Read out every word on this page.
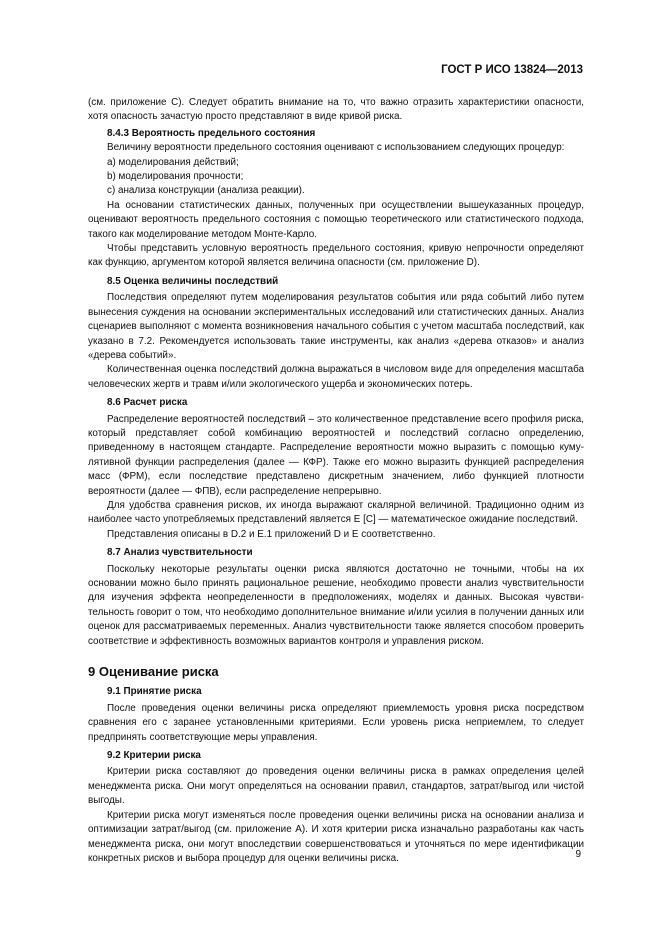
ГОСТ Р ИСО 13824—2013

(см. приложение С). Следует обратить внимание на то, что важно отразить характеристики опасности, хотя опасность зачастую просто представляют в виде кривой риска.

8.4.3 Вероятность предельного состояния

Величину вероятности предельного состояния оценивают с использованием следующих процедур:

a) моделирования действий;

b) моделирования прочности;

c) анализа конструкции (анализа реакции).

На основании статистических данных, полученных при осуществлении вышеуказанных процедур, оценивают вероятность предельного состояния с помощью теоретического или статистического подхода, такого как моделирование методом Монте-Карло.

Чтобы представить условную вероятность предельного состояния, кривую непрочности определяют как функцию, аргументом которой является величина опасности (см. приложение D).

8.5 Оценка величины последствий

Последствия определяют путем моделирования результатов события или ряда событий либо путем вынесения суждения на основании экспериментальных исследований или статистических данных. Анализ сценариев выполняют с момента возникновения начального события с учетом масштаба последствий, как указано в 7.2. Рекомендуется использовать такие инструменты, как анализ «дерева отказов» и анализ «дерева событий».

Количественная оценка последствий должна выражаться в числовом виде для определения масштаба человеческих жертв и травм и/или экологического ущерба и экономических потерь.

8.6 Расчет риска

Распределение вероятностей последствий – это количественное представление всего профиля риска, который представляет собой комбинацию вероятностей и последствий согласно определению, приведенному в настоящем стандарте. Распределение вероятности можно выразить с помощью кумулятивной функции распределения (далее — КФР). Также его можно выразить функцией распределения масс (ФРМ), если последствие представлено дискретным значением, либо функцией плотности вероятности (далее — ФПВ), если распределение непрерывно.

Для удобства сравнения рисков, их иногда выражают скалярной величиной. Традиционно одним из наиболее часто употребляемых представлений является E [C] — математическое ожидание последствий.

Представления описаны в D.2 и E.1 приложений D и E соответственно.

8.7 Анализ чувствительности

Поскольку некоторые результаты оценки риска являются достаточно не точными, чтобы на их основании можно было принять рациональное решение, необходимо провести анализ чувствительности для изучения эффекта неопределенности в предположениях, моделях и данных. Высокая чувствительность говорит о том, что необходимо дополнительное внимание и/или усилия в получении данных или оценок для рассматриваемых переменных. Анализ чувствительности также является способом проверить соответствие и эффективность возможных вариантов контроля и управления риском.

9 Оценивание риска

9.1 Принятие риска

После проведения оценки величины риска определяют приемлемость уровня риска посредством сравнения его с заранее установленными критериями. Если уровень риска неприемлем, то следует предпринять соответствующие меры управления.

9.2 Критерии риска

Критерии риска составляют до проведения оценки величины риска в рамках определения целей менеджмента риска. Они могут определяться на основании правил, стандартов, затрат/выгод или чистой выгоды.

Критерии риска могут изменяться после проведения оценки величины риска на основании анализа и оптимизации затрат/выгод (см. приложение А). И хотя критерии риска изначально разработаны как часть менеджмента риска, они могут впоследствии совершенствоваться и уточняться по мере идентификации конкретных рисков и выбора процедур для оценки величины риска.	9
